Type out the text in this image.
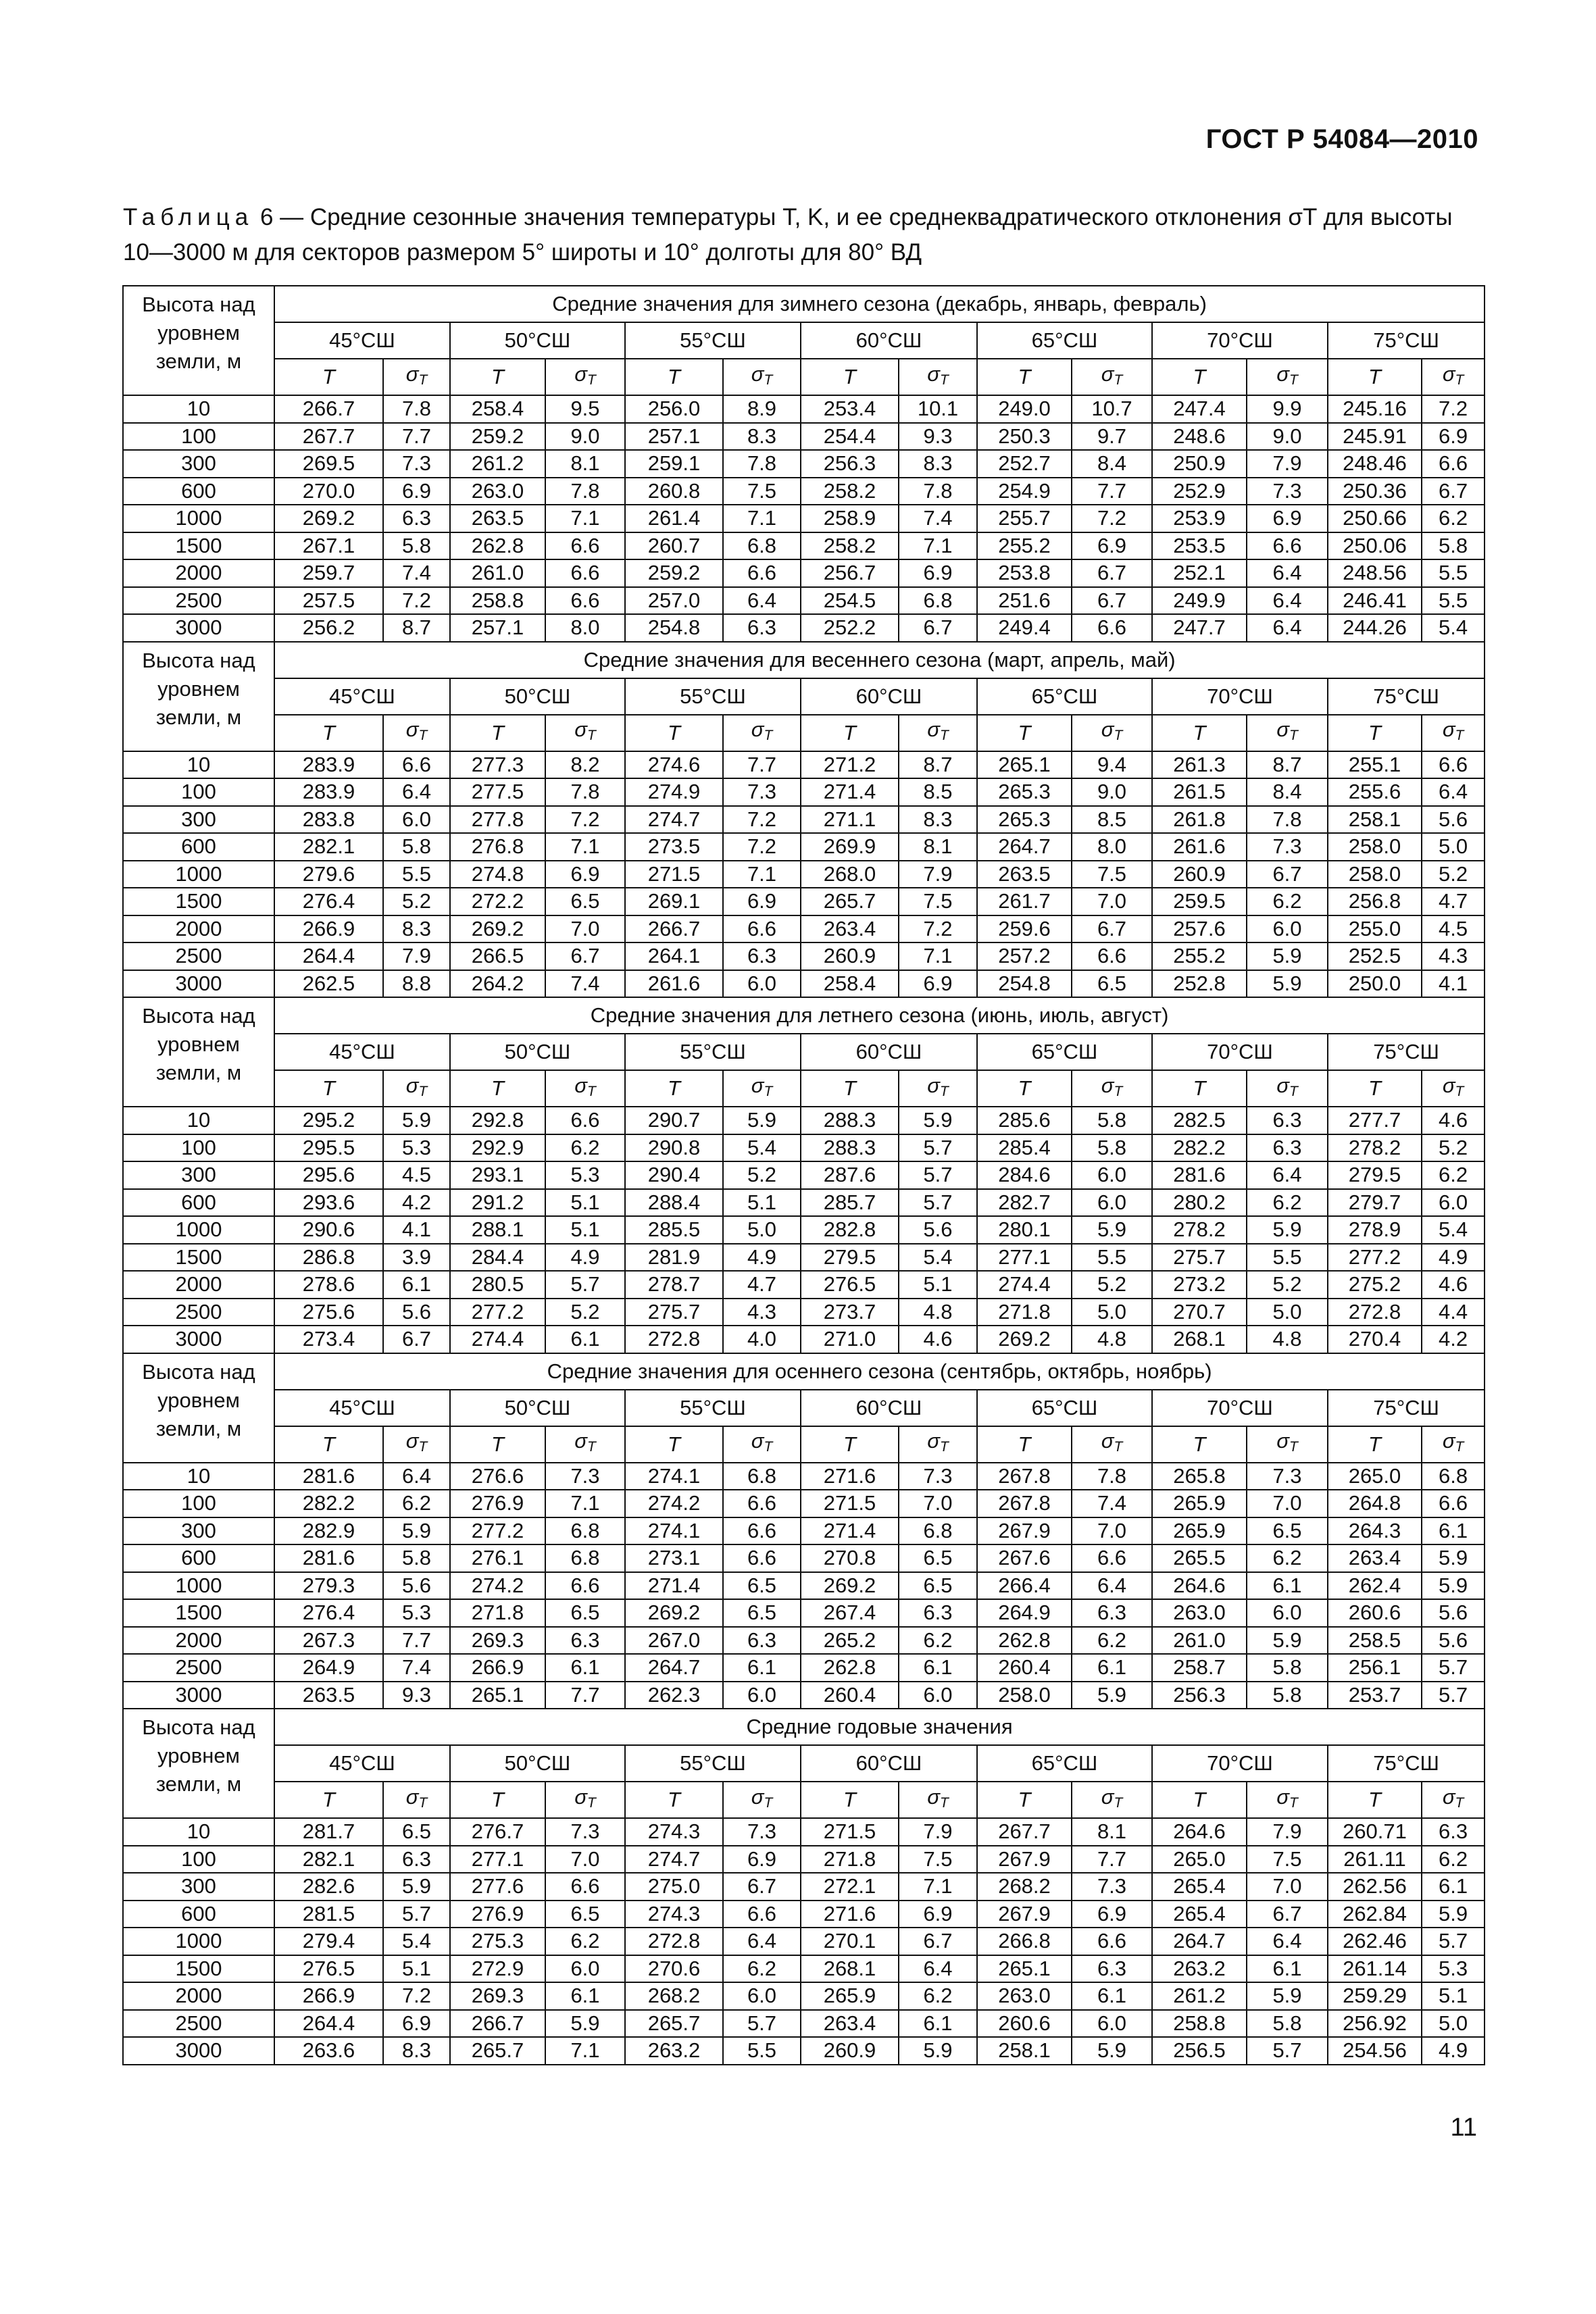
ГОСТ Р 54084—2010
Таблица 6 — Средние сезонные значения температуры T, K, и ее среднеквадратического отклонения σT для высоты 10—3000 м для секторов размером 5° широты и 10° долготы для 80° ВД
Высота над уровнем земли, м	Средние значения для зимнего сезона (декабрь, январь, февраль)													
	45°СШ		50°СШ		55°СШ		60°СШ		65°СШ		70°СШ		75°СШ	
	T	$\sigma_T$	T	$\sigma_T$	T	$\sigma_T$	T	$\sigma_T$	T	$\sigma_T$	T	$\sigma_T$	T	$\sigma_T$
10	266.7	7.8	258.4	9.5	256.0	8.9	253.4	10.1	249.0	10.7	247.4	9.9	245.16	7.2
100	267.7	7.7	259.2	9.0	257.1	8.3	254.4	9.3	250.3	9.7	248.6	9.0	245.91	6.9
300	269.5	7.3	261.2	8.1	259.1	7.8	256.3	8.3	252.7	8.4	250.9	7.9	248.46	6.6
600	270.0	6.9	263.0	7.8	260.8	7.5	258.2	7.8	254.9	7.7	252.9	7.3	250.36	6.7
1000	269.2	6.3	263.5	7.1	261.4	7.1	258.9	7.4	255.7	7.2	253.9	6.9	250.66	6.2
1500	267.1	5.8	262.8	6.6	260.7	6.8	258.2	7.1	255.2	6.9	253.5	6.6	250.06	5.8
2000	259.7	7.4	261.0	6.6	259.2	6.6	256.7	6.9	253.8	6.7	252.1	6.4	248.56	5.5
2500	257.5	7.2	258.8	6.6	257.0	6.4	254.5	6.8	251.6	6.7	249.9	6.4	246.41	5.5
3000	256.2	8.7	257.1	8.0	254.8	6.3	252.2	6.7	249.4	6.6	247.7	6.4	244.26	5.4
Высота над уровнем земли, м	Средние значения для весеннего сезона (март, апрель, май)													
	45°СШ		50°СШ		55°СШ		60°СШ		65°СШ		70°СШ		75°СШ	
	T	$\sigma_T$	T	$\sigma_T$	T	$\sigma_T$	T	$\sigma_T$	T	$\sigma_T$	T	$\sigma_T$	T	$\sigma_T$
10	283.9	6.6	277.3	8.2	274.6	7.7	271.2	8.7	265.1	9.4	261.3	8.7	255.1	6.6
100	283.9	6.4	277.5	7.8	274.9	7.3	271.4	8.5	265.3	9.0	261.5	8.4	255.6	6.4
300	283.8	6.0	277.8	7.2	274.7	7.2	271.1	8.3	265.3	8.5	261.8	7.8	258.1	5.6
600	282.1	5.8	276.8	7.1	273.5	7.2	269.9	8.1	264.7	8.0	261.6	7.3	258.0	5.0
1000	279.6	5.5	274.8	6.9	271.5	7.1	268.0	7.9	263.5	7.5	260.9	6.7	258.0	5.2
1500	276.4	5.2	272.2	6.5	269.1	6.9	265.7	7.5	261.7	7.0	259.5	6.2	256.8	4.7
2000	266.9	8.3	269.2	7.0	266.7	6.6	263.4	7.2	259.6	6.7	257.6	6.0	255.0	4.5
2500	264.4	7.9	266.5	6.7	264.1	6.3	260.9	7.1	257.2	6.6	255.2	5.9	252.5	4.3
3000	262.5	8.8	264.2	7.4	261.6	6.0	258.4	6.9	254.8	6.5	252.8	5.9	250.0	4.1
Высота над уровнем земли, м	Средние значения для летнего сезона (июнь, июль, август)													
	45°СШ		50°СШ		55°СШ		60°СШ		65°СШ		70°СШ		75°СШ	
	T	$\sigma_T$	T	$\sigma_T$	T	$\sigma_T$	T	$\sigma_T$	T	$\sigma_T$	T	$\sigma_T$	T	$\sigma_T$
10	295.2	5.9	292.8	6.6	290.7	5.9	288.3	5.9	285.6	5.8	282.5	6.3	277.7	4.6
100	295.5	5.3	292.9	6.2	290.8	5.4	288.3	5.7	285.4	5.8	282.2	6.3	278.2	5.2
300	295.6	4.5	293.1	5.3	290.4	5.2	287.6	5.7	284.6	6.0	281.6	6.4	279.5	6.2
600	293.6	4.2	291.2	5.1	288.4	5.1	285.7	5.7	282.7	6.0	280.2	6.2	279.7	6.0
1000	290.6	4.1	288.1	5.1	285.5	5.0	282.8	5.6	280.1	5.9	278.2	5.9	278.9	5.4
1500	286.8	3.9	284.4	4.9	281.9	4.9	279.5	5.4	277.1	5.5	275.7	5.5	277.2	4.9
2000	278.6	6.1	280.5	5.7	278.7	4.7	276.5	5.1	274.4	5.2	273.2	5.2	275.2	4.6
2500	275.6	5.6	277.2	5.2	275.7	4.3	273.7	4.8	271.8	5.0	270.7	5.0	272.8	4.4
3000	273.4	6.7	274.4	6.1	272.8	4.0	271.0	4.6	269.2	4.8	268.1	4.8	270.4	4.2
Высота над уровнем земли, м	Средние значения для осеннего сезона (сентябрь, октябрь, ноябрь)													
	45°СШ		50°СШ		55°СШ		60°СШ		65°СШ		70°СШ		75°СШ	
	T	$\sigma_T$	T	$\sigma_T$	T	$\sigma_T$	T	$\sigma_T$	T	$\sigma_T$	T	$\sigma_T$	T	$\sigma_T$
10	281.6	6.4	276.6	7.3	274.1	6.8	271.6	7.3	267.8	7.8	265.8	7.3	265.0	6.8
100	282.2	6.2	276.9	7.1	274.2	6.6	271.5	7.0	267.8	7.4	265.9	7.0	264.8	6.6
300	282.9	5.9	277.2	6.8	274.1	6.6	271.4	6.8	267.9	7.0	265.9	6.5	264.3	6.1
600	281.6	5.8	276.1	6.8	273.1	6.6	270.8	6.5	267.6	6.6	265.5	6.2	263.4	5.9
1000	279.3	5.6	274.2	6.6	271.4	6.5	269.2	6.5	266.4	6.4	264.6	6.1	262.4	5.9
1500	276.4	5.3	271.8	6.5	269.2	6.5	267.4	6.3	264.9	6.3	263.0	6.0	260.6	5.6
2000	267.3	7.7	269.3	6.3	267.0	6.3	265.2	6.2	262.8	6.2	261.0	5.9	258.5	5.6
2500	264.9	7.4	266.9	6.1	264.7	6.1	262.8	6.1	260.4	6.1	258.7	5.8	256.1	5.7
3000	263.5	9.3	265.1	7.7	262.3	6.0	260.4	6.0	258.0	5.9	256.3	5.8	253.7	5.7
Высота над уровнем земли, м	Средние годовые значения													
	45°СШ		50°СШ		55°СШ		60°СШ		65°СШ		70°СШ		75°СШ	
	T	$\sigma_T$	T	$\sigma_T$	T	$\sigma_T$	T	$\sigma_T$	T	$\sigma_T$	T	$\sigma_T$	T	$\sigma_T$
10	281.7	6.5	276.7	7.3	274.3	7.3	271.5	7.9	267.7	8.1	264.6	7.9	260.71	6.3
100	282.1	6.3	277.1	7.0	274.7	6.9	271.8	7.5	267.9	7.7	265.0	7.5	261.11	6.2
300	282.6	5.9	277.6	6.6	275.0	6.7	272.1	7.1	268.2	7.3	265.4	7.0	262.56	6.1
600	281.5	5.7	276.9	6.5	274.3	6.6	271.6	6.9	267.9	6.9	265.4	6.7	262.84	5.9
1000	279.4	5.4	275.3	6.2	272.8	6.4	270.1	6.7	266.8	6.6	264.7	6.4	262.46	5.7
1500	276.5	5.1	272.9	6.0	270.6	6.2	268.1	6.4	265.1	6.3	263.2	6.1	261.14	5.3
2000	266.9	7.2	269.3	6.1	268.2	6.0	265.9	6.2	263.0	6.1	261.2	5.9	259.29	5.1
2500	264.4	6.9	266.7	5.9	265.7	5.7	263.4	6.1	260.6	6.0	258.8	5.8	256.92	5.0
3000	263.6	8.3	265.7	7.1	263.2	5.5	260.9	5.9	258.1	5.9	256.5	5.7	254.56	4.9
11
